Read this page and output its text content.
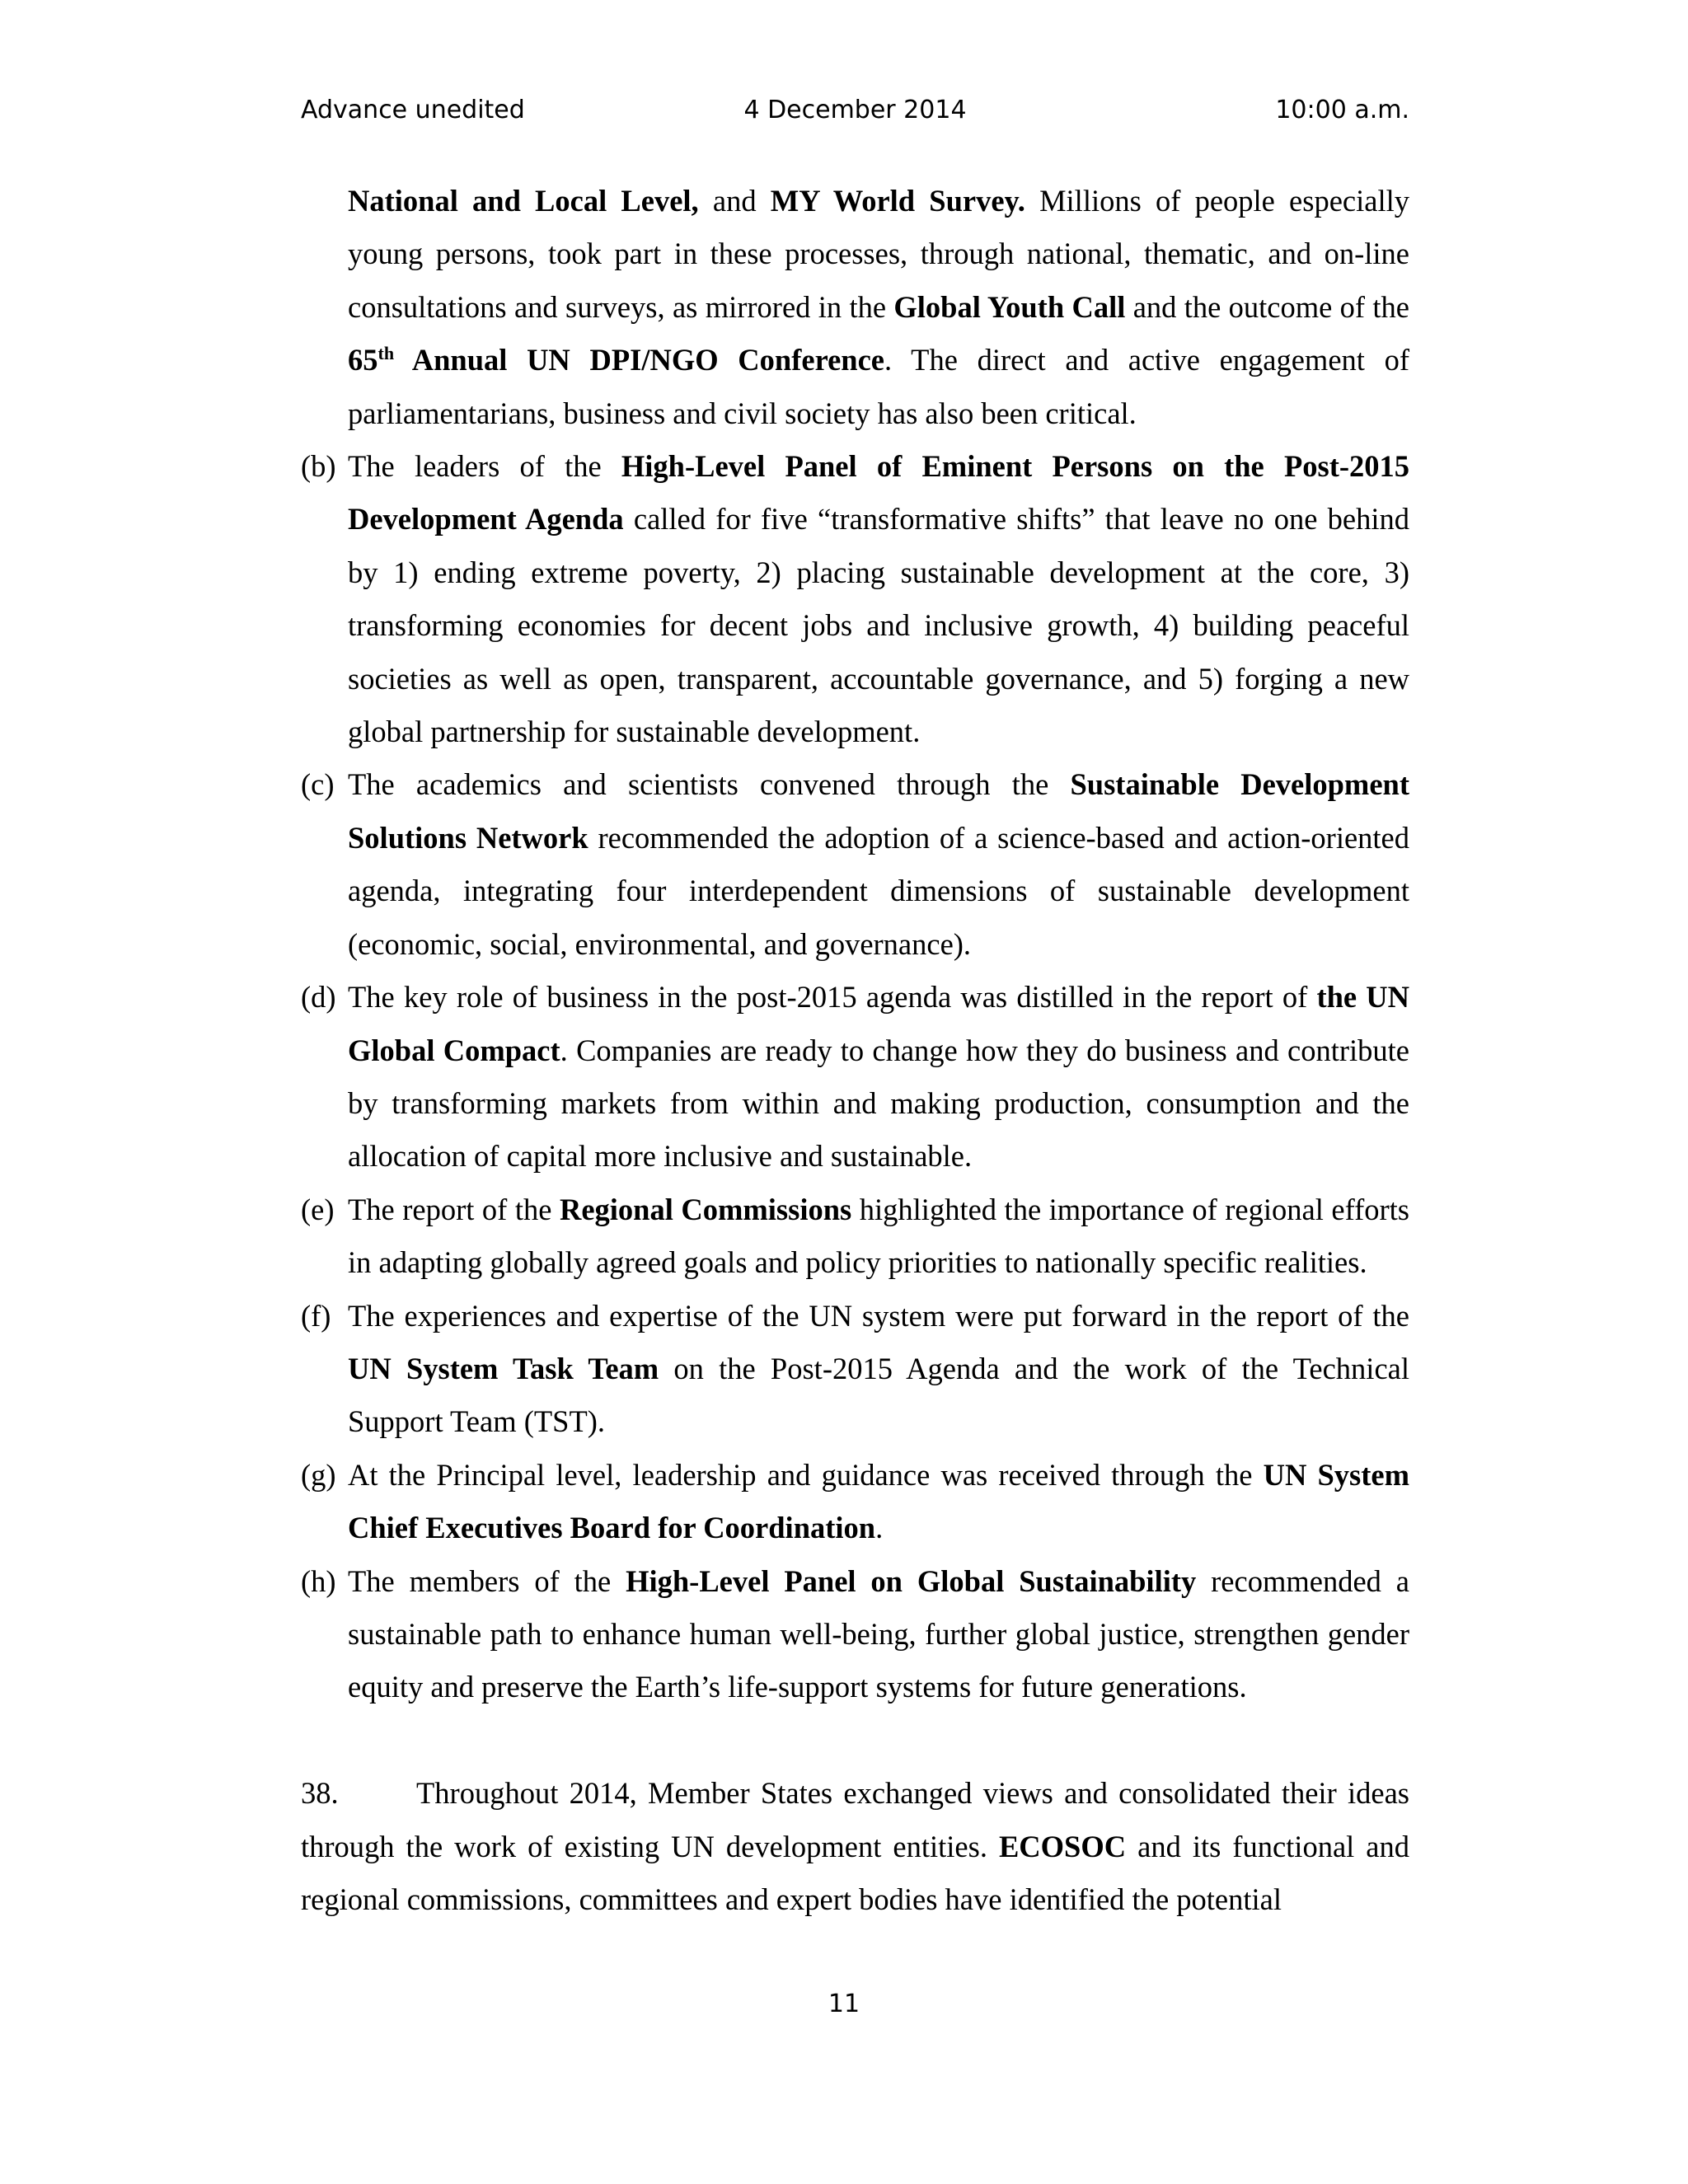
4 December 2014
Advance unedited	10:00 a.m.

National and Local Level, and MY World Survey. Millions of people especially young persons, took part in these processes, through national, thematic, and on-line consultations and surveys, as mirrored in the Global Youth Call and the outcome of the 65th Annual UN DPI/NGO Conference. The direct and active engagement of parliamentarians, business and civil society has also been critical.

(b) The leaders of the High-Level Panel of Eminent Persons on the Post-2015 Development Agenda called for five “transformative shifts” that leave no one behind by 1) ending extreme poverty, 2) placing sustainable development at the core, 3) transforming economies for decent jobs and inclusive growth, 4) building peaceful societies as well as open, transparent, accountable governance, and 5) forging a new global partnership for sustainable development.

(c) The academics and scientists convened through the Sustainable Development Solutions Network recommended the adoption of a science-based and action-oriented agenda, integrating four interdependent dimensions of sustainable development (economic, social, environmental, and governance).

(d) The key role of business in the post-2015 agenda was distilled in the report of the UN Global Compact. Companies are ready to change how they do business and contribute by transforming markets from within and making production, consumption and the allocation of capital more inclusive and sustainable.

(e) The report of the Regional Commissions highlighted the importance of regional efforts in adapting globally agreed goals and policy priorities to nationally specific realities.

(f) The experiences and expertise of the UN system were put forward in the report of the UN System Task Team on the Post-2015 Agenda and the work of the Technical Support Team (TST).

(g) At the Principal level, leadership and guidance was received through the UN System Chief Executives Board for Coordination.

(h) The members of the High-Level Panel on Global Sustainability recommended a sustainable path to enhance human well-being, further global justice, strengthen gender equity and preserve the Earth’s life-support systems for future generations.

38.	Throughout 2014, Member States exchanged views and consolidated their ideas through the work of existing UN development entities. ECOSOC and its functional and regional commissions, committees and expert bodies have identified the potential

11
